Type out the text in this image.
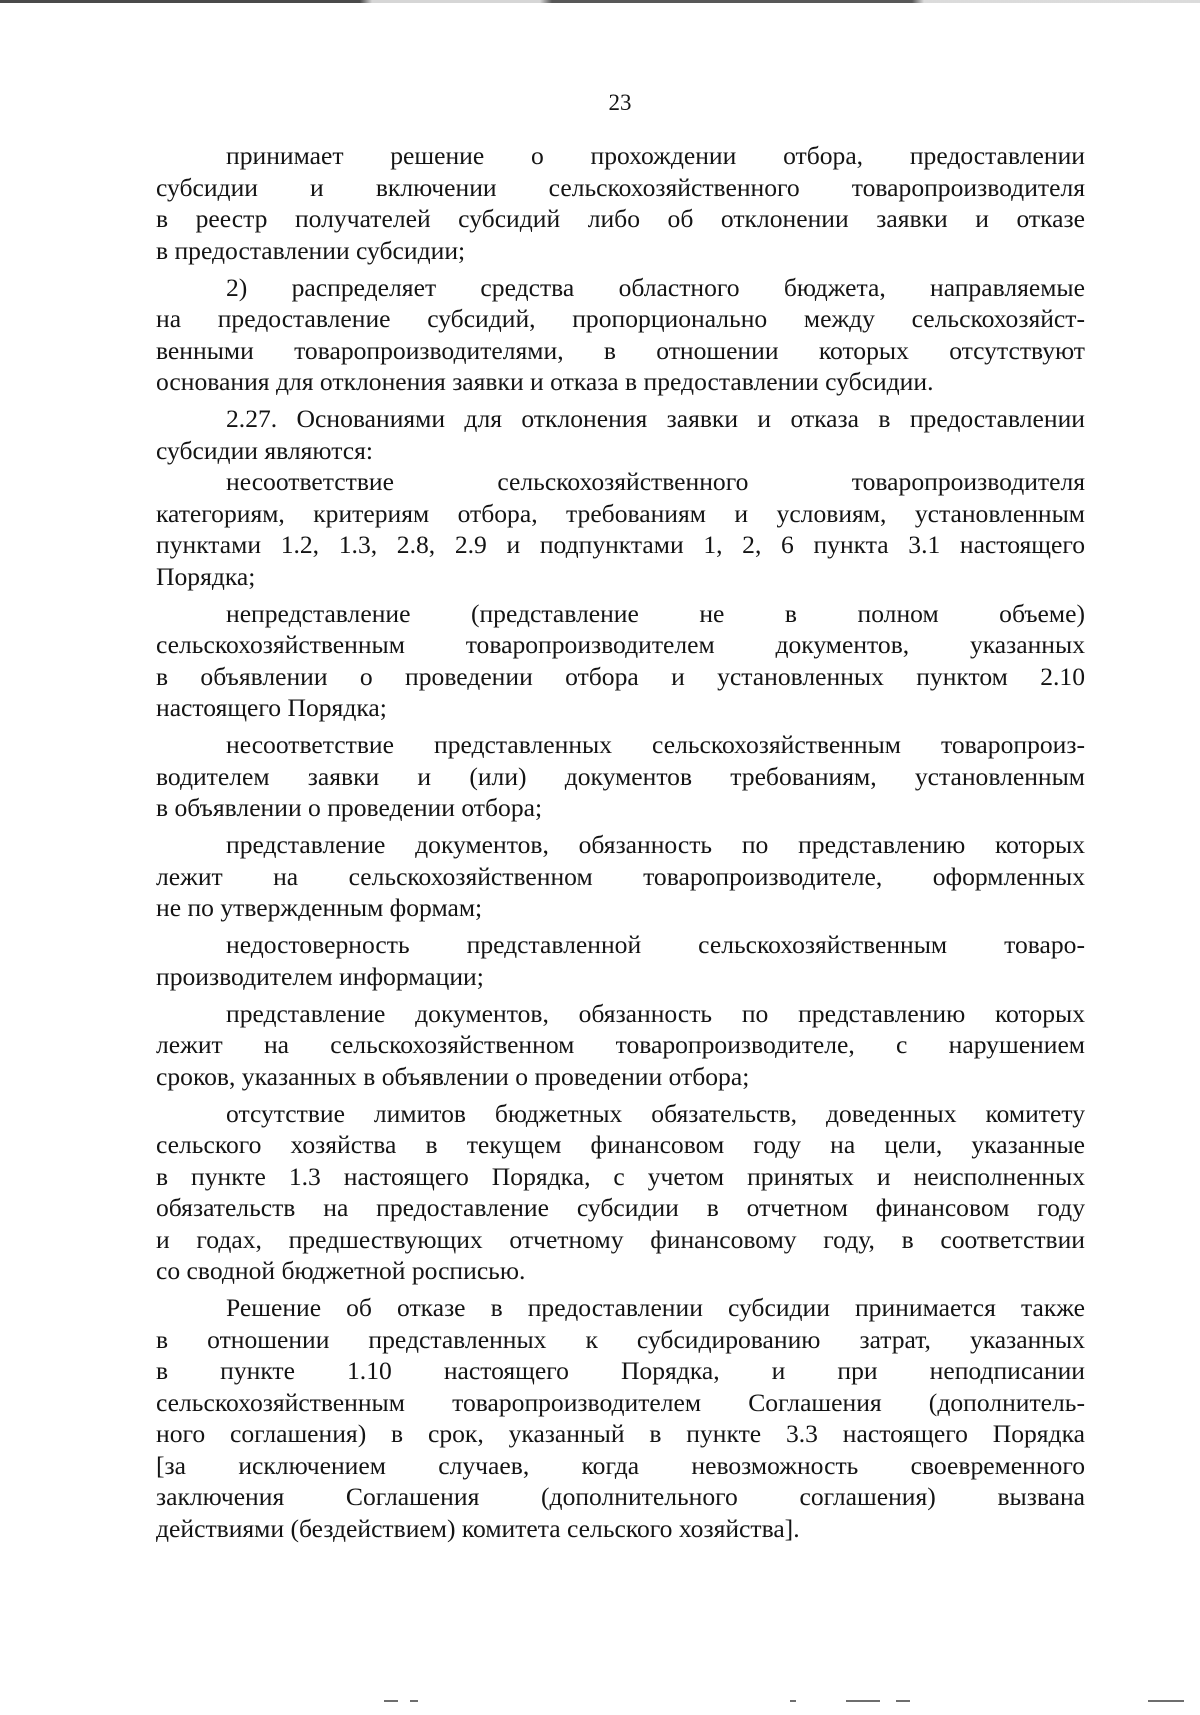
23
принимает решение о прохождении отбора, предоставлении
субсидии и включении сельскохозяйственного товаропроизводителя
в реестр получателей субсидий либо об отклонении заявки и отказе
в предоставлении субсидии;
2) распределяет средства областного бюджета, направляемые
на предоставление субсидий, пропорционально между сельскохозяйст-
венными товаропроизводителями, в отношении которых отсутствуют
основания для отклонения заявки и отказа в предоставлении субсидии.
2.27. Основаниями для отклонения заявки и отказа в предоставлении
субсидии являются:
несоответствие сельскохозяйственного товаропроизводителя
категориям, критериям отбора, требованиям и условиям, установленным
пунктами 1.2, 1.3, 2.8, 2.9 и подпунктами 1, 2, 6 пункта 3.1 настоящего
Порядка;
непредставление (представление не в полном объеме)
сельскохозяйственным товаропроизводителем документов, указанных
в объявлении о проведении отбора и установленных пунктом 2.10
настоящего Порядка;
несоответствие представленных сельскохозяйственным товаропроиз-
водителем заявки и (или) документов требованиям, установленным
в объявлении о проведении отбора;
представление документов, обязанность по представлению которых
лежит на сельскохозяйственном товаропроизводителе, оформленных
не по утвержденным формам;
недостоверность представленной сельскохозяйственным товаро-
производителем информации;
представление документов, обязанность по представлению которых
лежит на сельскохозяйственном товаропроизводителе, с нарушением
сроков, указанных в объявлении о проведении отбора;
отсутствие лимитов бюджетных обязательств, доведенных комитету
сельского хозяйства в текущем финансовом году на цели, указанные
в пункте 1.3 настоящего Порядка, с учетом принятых и неисполненных
обязательств на предоставление субсидии в отчетном финансовом году
и годах, предшествующих отчетному финансовому году, в соответствии
со сводной бюджетной росписью.
Решение об отказе в предоставлении субсидии принимается также
в отношении представленных к субсидированию затрат, указанных
в пункте 1.10 настоящего Порядка, и при неподписании
сельскохозяйственным товаропроизводителем Соглашения (дополнитель-
ного соглашения) в срок, указанный в пункте 3.3 настоящего Порядка
[за исключением случаев, когда невозможность своевременного
заключения Соглашения (дополнительного соглашения) вызвана
действиями (бездействием) комитета сельского хозяйства].
